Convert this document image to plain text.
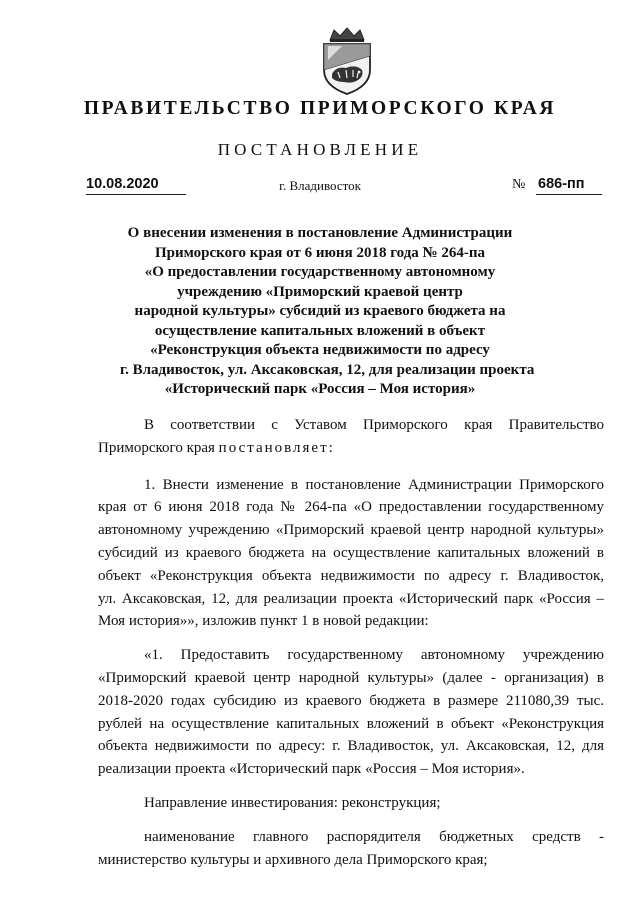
ПРАВИТЕЛЬСТВО ПРИМОРСКОГО КРАЯ
ПОСТАНОВЛЕНИЕ
10.08.2020	г. Владивосток	№ 686-пп
О внесении изменения в постановление Администрации
Приморского края от 6 июня 2018 года № 264-па
«О предоставлении государственному автономному
учреждению «Приморский краевой центр
народной культуры» субсидий из краевого бюджета на
осуществление капитальных вложений в объект
«Реконструкция объекта недвижимости по адресу
г. Владивосток, ул. Аксаковская, 12, для реализации проекта
«Исторический парк «Россия – Моя история»

В соответствии с Уставом Приморского края Правительство
Приморского края постановляет:

1. Внести изменение в постановление Администрации Приморского
края от 6 июня 2018 года № 264-па «О предоставлении государственному
автономному учреждению «Приморский краевой центр народной культуры»
субсидий из краевого бюджета на осуществление капитальных вложений в
объект «Реконструкция объекта недвижимости по адресу г. Владивосток,
ул. Аксаковская, 12, для реализации проекта «Исторический парк «Россия –
Моя история»», изложив пункт 1 в новой редакции:

«1. Предоставить государственному автономному учреждению
«Приморский краевой центр народной культуры» (далее - организация) в
2018-2020 годах субсидию из краевого бюджета в размере 211080,39 тыс.
рублей на осуществление капитальных вложений в объект «Реконструкция
объекта недвижимости по адресу: г. Владивосток, ул. Аксаковская, 12, для
реализации проекта «Исторический парк «Россия – Моя история».

Направление инвестирования: реконструкция;

наименование главного распорядителя бюджетных средств -
министерство культуры и архивного дела Приморского края;
